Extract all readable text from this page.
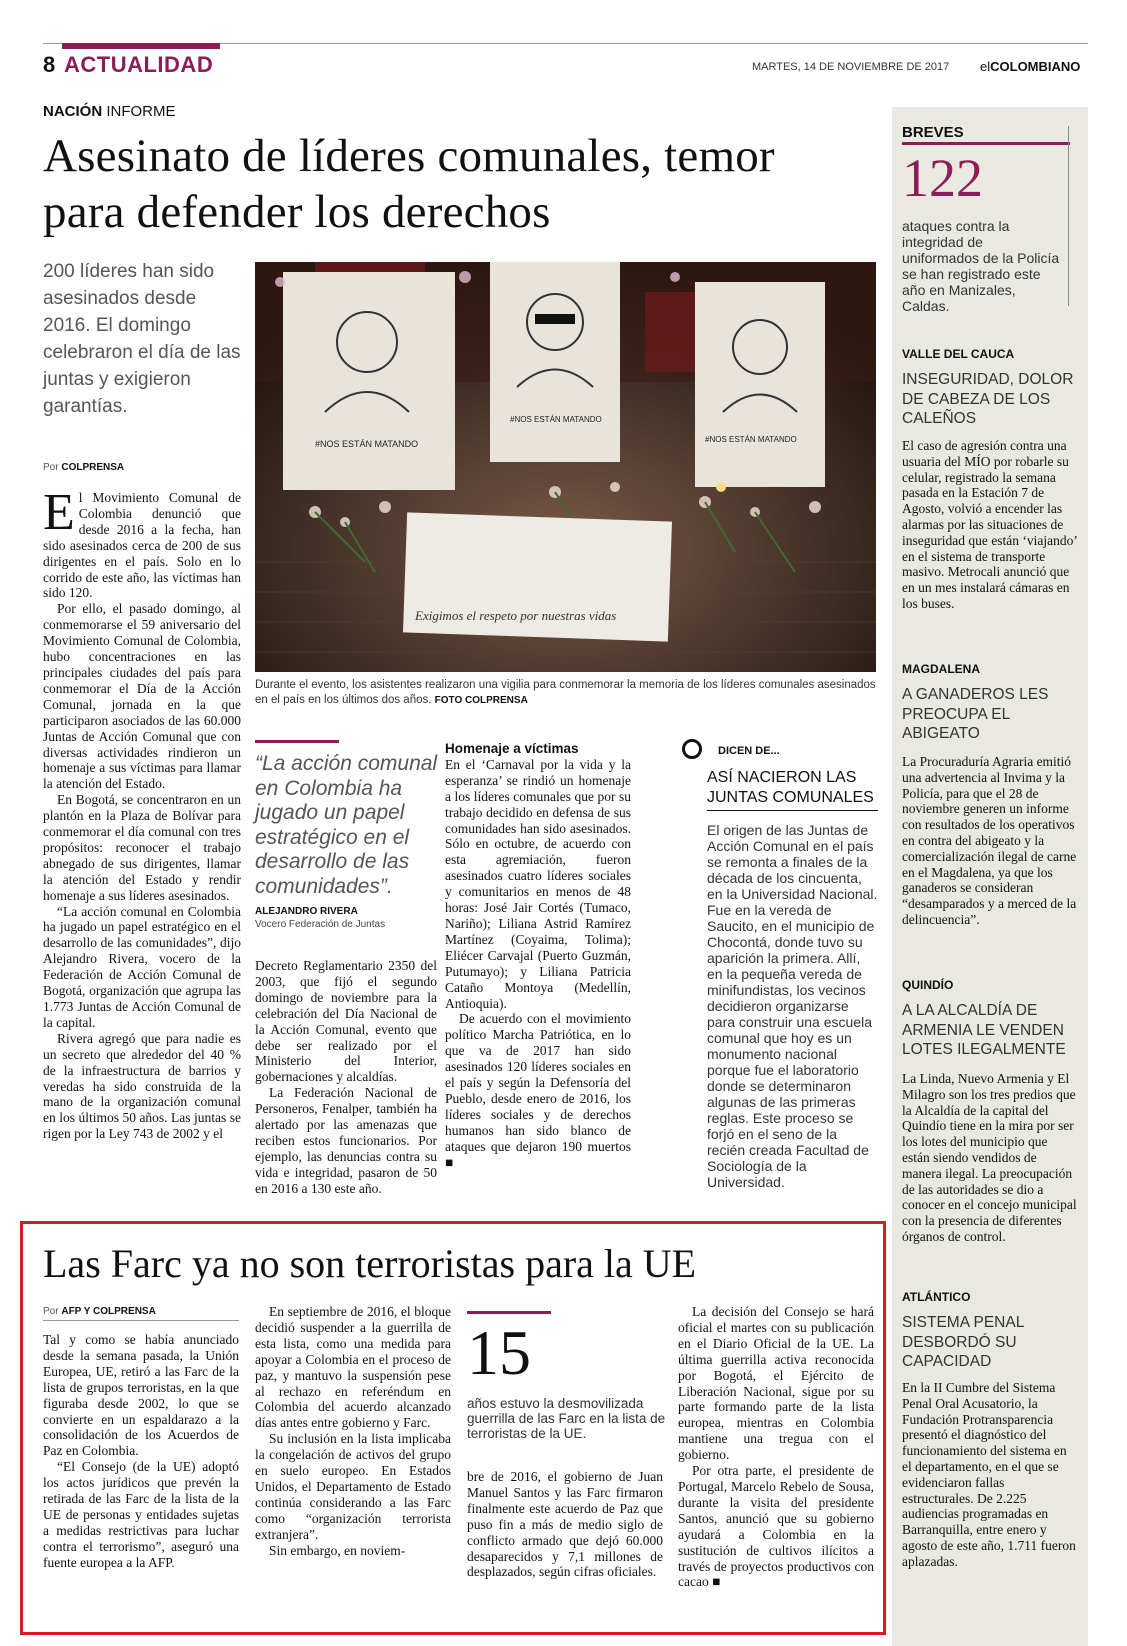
8 ACTUALIDAD	MARTES, 14 DE NOVIEMBRE DE 2017 elCOLOMBIANO
NACIÓN INFORME
Asesinato de líderes comunales, temor para defender los derechos
200 líderes han sido asesinados desde 2016. El domingo celebraron el día de las juntas y exigieron garantías.
Por COLPRENSA

El Movimiento Comunal de Colombia denunció que desde 2016 a la fecha, han sido asesinados cerca de 200 de sus dirigentes en el país. Solo en lo corrido de este año, las víctimas han sido 120.

Por ello, el pasado domingo, al conmemorarse el 59 aniversario del Movimiento Comunal de Colombia, hubo concentraciones en las principales ciudades del país para conmemorar el Día de la Acción Comunal, jornada en la que participaron asociados de las 60.000 Juntas de Acción Comunal que con diversas actividades rindieron un homenaje a sus víctimas para llamar la atención del Estado.

En Bogotá, se concentraron en un plantón en la Plaza de Bolívar para conmemorar el día comunal con tres propósitos: reconocer el trabajo abnegado de sus dirigentes, llamar la atención del Estado y rendir homenaje a sus líderes asesinados.

“La acción comunal en Colombia ha jugado un papel estratégico en el desarrollo de las comunidades”, dijo Alejandro Rivera, vocero de la Federación de Acción Comunal de Bogotá, organización que agrupa las 1.773 Juntas de Acción Comunal de la capital.

Rivera agregó que para nadie es un secreto que alrededor del 40 % de la infraestructura de barrios y veredas ha sido construida de la mano de la organización comunal en los últimos 50 años. Las juntas se rigen por la Ley 743 de 2002 y el

#NOS ESTÁN MATANDO
#NOS ESTÁN MATANDO
#NOS ESTÁN MATANDO
Exigimos el respeto por nuestras vidas
Durante el evento, los asistentes realizaron una vigilia para conmemorar la memoria de los líderes comunales asesinados en el país en los últimos dos años. FOTO COLPRENSA
“La acción comunal en Colombia ha jugado un papel estratégico en el desarrollo de las comunidades”.
ALEJANDRO RIVERA
Vocero Federación de Juntas

Decreto Reglamentario 2350 del 2003, que fijó el segundo domingo de noviembre para la celebración del Día Nacional de la Acción Comunal, evento que debe ser realizado por el Ministerio del Interior, gobernaciones y alcaldías.

La Federación Nacional de Personeros, Fenalper, también ha alertado por las amenazas que reciben estos funcionarios. Por ejemplo, las denuncias contra su vida e integridad, pasaron de 50 en 2016 a 130 este año.

Homenaje a víctimas

En el ‘Carnaval por la vida y la esperanza’ se rindió un homenaje a los líderes comunales que por su trabajo decidido en defensa de sus comunidades han sido asesinados. Sólo en octubre, de acuerdo con esta agremiación, fueron asesinados cuatro líderes sociales y comunitarios en menos de 48 horas: José Jair Cortés (Tumaco, Nariño); Liliana Astrid Ramírez Martínez (Coyaima, Tolima); Eliécer Carvajal (Puerto Guzmán, Putumayo); y Liliana Patricia Cataño Montoya (Medellín, Antioquia).

De acuerdo con el movimiento político Marcha Patriótica, en lo que va de 2017 han sido asesinados 120 líderes sociales en el país y según la Defensoría del Pueblo, desde enero de 2016, los líderes sociales y de derechos humanos han sido blanco de ataques que dejaron 190 muertos ■

DICEN DE...
ASÍ NACIERON LAS JUNTAS COMUNALES
El origen de las Juntas de Acción Comunal en el país se remonta a finales de la década de los cincuenta, en la Universidad Nacional. Fue en la vereda de Saucito, en el municipio de Chocontá, donde tuvo su aparición la primera. Allí, en la pequeña vereda de minifundistas, los vecinos decidieron organizarse para construir una escuela comunal que hoy es un monumento nacional porque fue el laboratorio donde se determinaron algunas de las primeras reglas. Este proceso se forjó en el seno de la recién creada Facultad de Sociología de la Universidad.
BREVES
122
ataques contra la integridad de uniformados de la Policía se han registrado este año en Manizales, Caldas.
VALLE DEL CAUCA
INSEGURIDAD, DOLOR DE CABEZA DE LOS CALEÑOS
El caso de agresión contra una usuaria del MÍO por robarle su celular, registrado la semana pasada en la Estación 7 de Agosto, volvió a encender las alarmas por las situaciones de inseguridad que están ‘viajando’ en el sistema de transporte masivo. Metrocali anunció que en un mes instalará cámaras en los buses.
MAGDALENA
A GANADEROS LES PREOCUPA EL ABIGEATO
La Procuraduría Agraria emitió una advertencia al Invima y la Policía, para que el 28 de noviembre generen un informe con resultados de los operativos en contra del abigeato y la comercialización ilegal de carne en el Magdalena, ya que los ganaderos se consideran “desamparados y a merced de la delincuencia”.
QUINDÍO
A LA ALCALDÍA DE ARMENIA LE VENDEN LOTES ILEGALMENTE
La Linda, Nuevo Armenia y El Milagro son los tres predios que la Alcaldía de la capital del Quindío tiene en la mira por ser los lotes del municipio que están siendo vendidos de manera ilegal. La preocupación de las autoridades se dio a conocer en el concejo municipal con la presencia de diferentes órganos de control.
ATLÁNTICO
SISTEMA PENAL DESBORDÓ SU CAPACIDAD
En la II Cumbre del Sistema Penal Oral Acusatorio, la Fundación Protransparencia presentó el diagnóstico del funcionamiento del sistema en el departamento, en el que se evidenciaron fallas estructurales. De 2.225 audiencias programadas en Barranquilla, entre enero y agosto de este año, 1.711 fueron aplazadas.
Las Farc ya no son terroristas para la UE
Por AFP Y COLPRENSA

Tal y como se había anunciado desde la semana pasada, la Unión Europea, UE, retiró a las Farc de la lista de grupos terroristas, en la que figuraba desde 2002, lo que se convierte en un espaldarazo a la consolidación de los Acuerdos de Paz en Colombia.

“El Consejo (de la UE) adoptó los actos jurídicos que prevén la retirada de las Farc de la lista de la UE de personas y entidades sujetas a medidas restrictivas para luchar contra el terrorismo”, aseguró una fuente europea a la AFP.

En septiembre de 2016, el bloque decidió suspender a la guerrilla de esta lista, como una medida para apoyar a Colombia en el proceso de paz, y mantuvo la suspensión pese al rechazo en referéndum en Colombia del acuerdo alcanzado días antes entre gobierno y Farc.

Su inclusión en la lista implicaba la congelación de activos del grupo en suelo europeo. En Estados Unidos, el Departamento de Estado continúa considerando a las Farc como “organización terrorista extranjera”.

Sin embargo, en noviem-

15
años estuvo la desmovilizada guerrilla de las Farc en la lista de terroristas de la UE.

bre de 2016, el gobierno de Juan Manuel Santos y las Farc firmaron finalmente este acuerdo de Paz que puso fin a más de medio siglo de conflicto armado que dejó 60.000 desaparecidos y 7,1 millones de desplazados, según cifras oficiales.

La decisión del Consejo se hará oficial el martes con su publicación en el Diario Oficial de la UE. La última guerrilla activa reconocida por Bogotá, el Ejército de Liberación Nacional, sigue por su parte formando parte de la lista europea, mientras en Colombia mantiene una tregua con el gobierno.

Por otra parte, el presidente de Portugal, Marcelo Rebelo de Sousa, durante la visita del presidente Santos, anunció que su gobierno ayudará a Colombia en la sustitución de cultivos ilícitos a través de proyectos productivos con cacao ■
